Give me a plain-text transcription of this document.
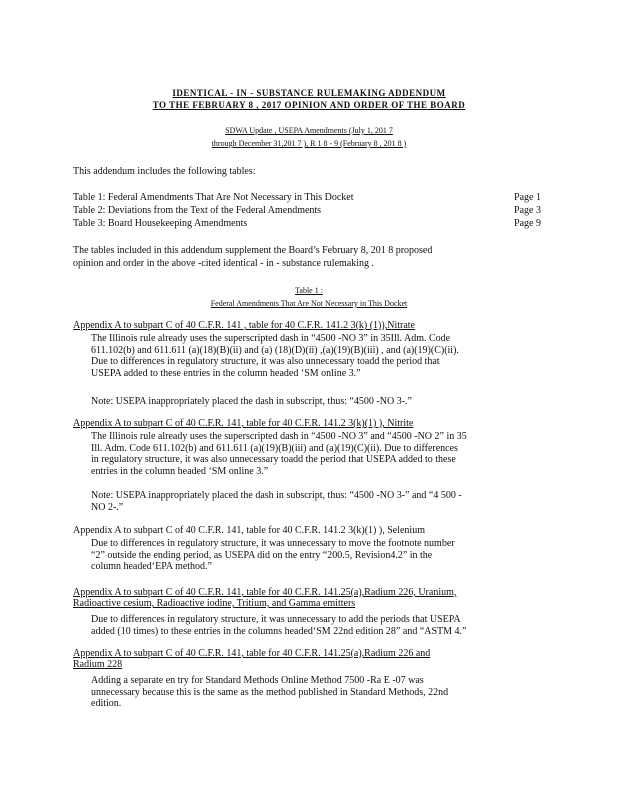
IDENTICAL - IN - SUBSTANCE RULEMAKING ADDENDUM
TO THE FEBRUARY 8 , 2017 OPINION AND ORDER OF THE BOARD
SDWA Update , USEPA Amendments (July 1, 201 7
through December 31,201 7 ), R 1 8 - 9 (February 8 , 201 8 )
This addendum includes the following tables:
Table 1: Federal Amendments That Are Not Necessary in This Docket	Page 1
Table 2: Deviations from the Text of the Federal Amendments	Page 3
Table 3: Board Housekeeping Amendments	Page 9
The tables included in this addendum supplement the Board’s February 8, 201 8 proposed
opinion and order in the above -cited identical - in - substance rulemaking .
Table 1 :
Federal Amendments That Are Not Necessary in This Docket
Appendix A to subpart C of 40 C.F.R. 141 , table for 40 C.F.R. 141.2 3(k) (1)),Nitrate
The Illinois rule already uses the superscripted dash in “4500 -NO 3” in 35Ill. Adm. Code
611.102(b) and 611.611 (a)(18)(B)(ii) and (a) (18)(D)(ii) ,(a)(19)(B)(iii) , and (a)(19)(C)(ii).
Due to differences in regulatory structure, it was also unnecessary toadd the period that
USEPA added to these entries in the column headed ‘SM online 3.”
Note: USEPA inappropriately placed the dash in subscript, thus: “4500 -NO 3-.”
Appendix A to subpart C of 40 C.F.R. 141, table for 40 C.F.R. 141.2 3(k)(1) ), Nitrite
The Illinois rule already uses the superscripted dash in “4500 -NO 3” and “4500 -NO 2” in 35
Ill. Adm. Code 611.102(b) and 611.611 (a)(19)(B)(iii) and (a)(19)(C)(ii). Due to differences
in regulatory structure, it was also unnecessary toadd the period that USEPA added to these
entries in the column headed ‘SM online 3.”
Note: USEPA inappropriately placed the dash in subscript, thus: “4500 -NO 3-” and “4 500 -
NO 2-.”
Appendix A to subpart C of 40 C.F.R. 141, table for 40 C.F.R. 141.2 3(k)(1) ), Selenium
Due to differences in regulatory structure, it was unnecessary to move the footnote number
“2” outside the ending period, as USEPA did on the entry “200.5, Revision4.2” in the
column headed‘EPA method.”
Appendix A to subpart C of 40 C.F.R. 141, table for 40 C.F.R. 141.25(a),Radium 226, Uranium,
Radioactive cesium, Radioactive iodine, Tritium, and Gamma emitters
Due to differences in regulatory structure, it was unnecessary to add the periods that USEPA
added (10 times) to these entries in the columns headed‘SM 22nd edition 28” and “ASTM 4.”
Appendix A to subpart C of 40 C.F.R. 141, table for 40 C.F.R. 141.25(a),Radium 226 and
Radium 228
Adding a separate en try for Standard Methods Online Method 7500 -Ra E -07 was
unnecessary because this is the same as the method published in Standard Methods, 22nd
edition.
